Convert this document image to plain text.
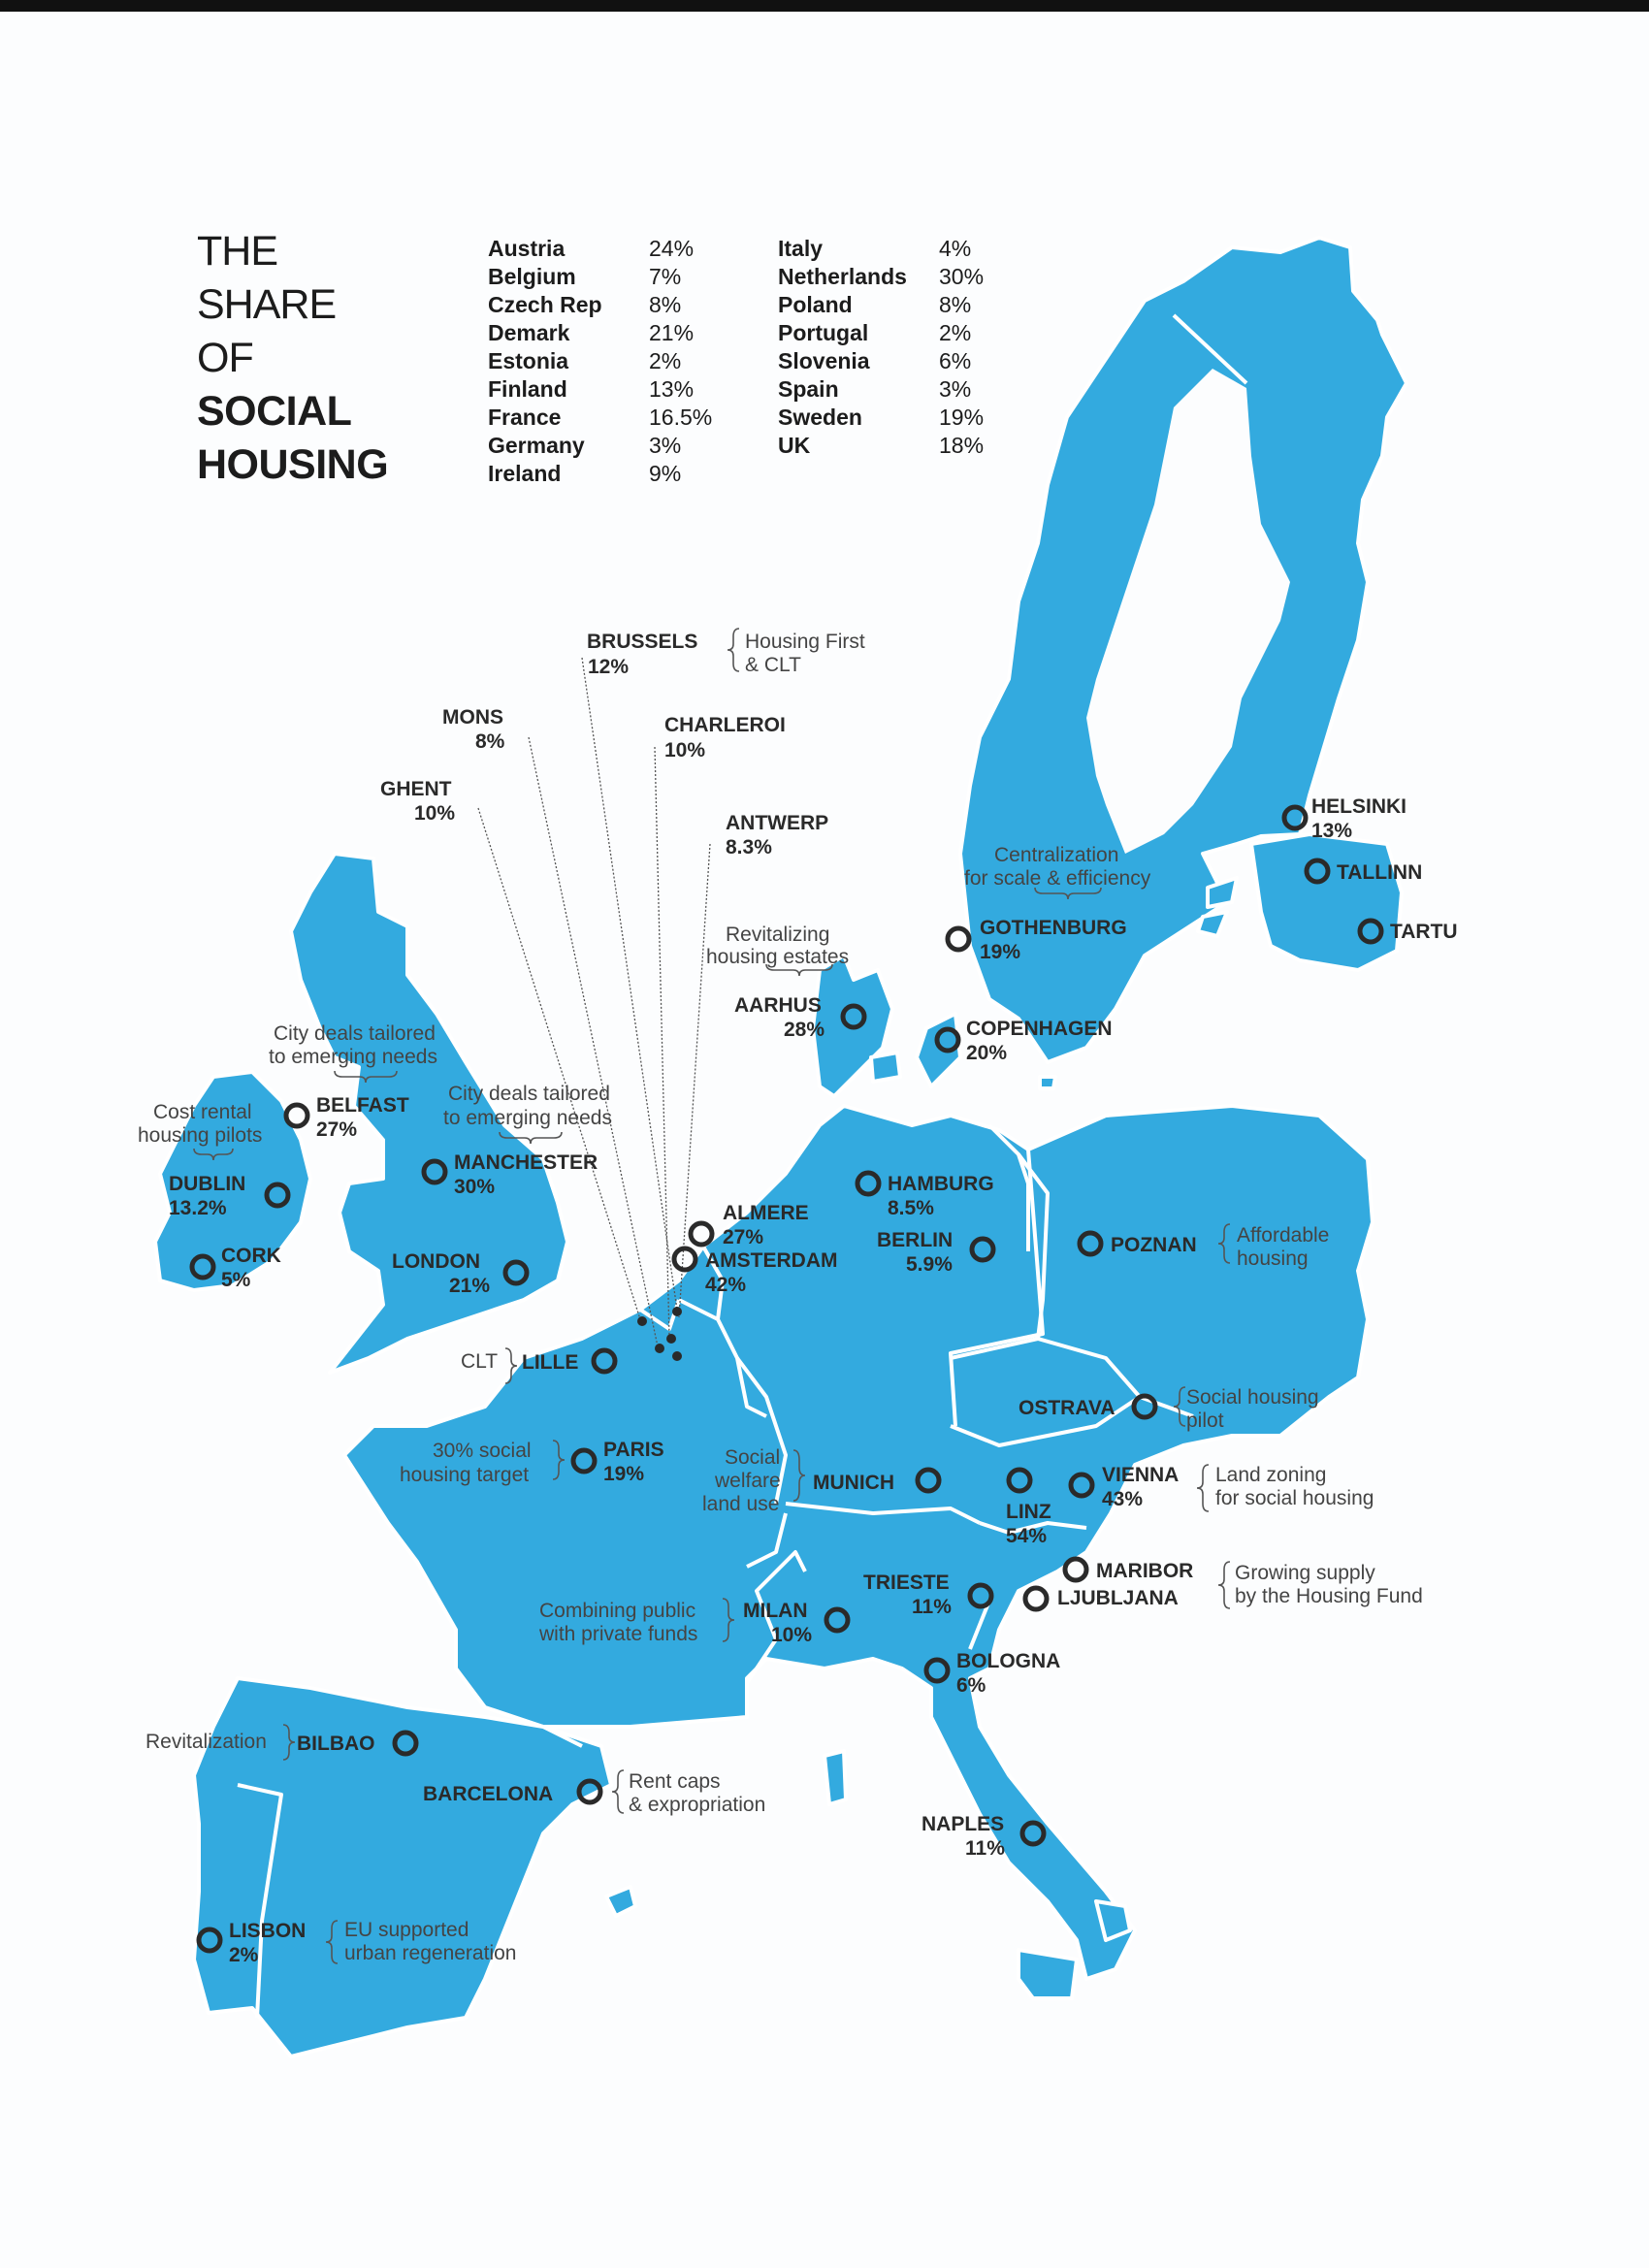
BRUSSELS
12%
MONS
8%
CHARLEROI
10%
GHENT
10%	ANTWERP
8.3%
HELSINKI
13%
TALLINN
TARTU
GOTHENBURG
19%
AARHUS
28%	COPENHAGEN
20%
BELFAST
27%
DUBLIN
13.2%
CORK
5%
MANCHESTER
30%
LONDON
21%
HAMBURG
8.5%
ALMERE
27%
AMSTERDAM
42%
BERLIN
5.9%
POZNAN
LILLE
OSTRAVA
PARIS
19%	MUNICH	VIENNA
43%
LINZ
54%
MARIBOR
LJUBLJANA
TRIESTE
11%
MILAN
10%
BOLOGNA
6%
BILBAO
BARCELONA
NAPLES
11%
LISBON
2%
Housing First
& CLT
Centralization
for scale & efficiency
Revitalizing
housing estates
City deals tailored
to emerging needs
City deals tailored
to emerging needs
Cost rental
housing pilots
Affordable
housing
CLT
Social housing
pilot
30% social
housing target
Social
welfare
land use
Land zoning
for social housing
Growing supply
by the Housing Fund
Combining public
with private funds
Revitalization
Rent caps
& expropriation
EU supported
urban regeneration
THE
SHARE
OF
SOCIAL
HOUSING
Austria	24%
Belgium	7%
Czech Rep 8%
Demark	21%
Estonia	2%
Finland	13%
France	16.5%
Germany	3%
Ireland	9%
Italy	4%
Netherlands 30%
Poland	8%
Portugal	2%
Slovenia	6%
Spain	3%
Sweden	19%
UK	18%
